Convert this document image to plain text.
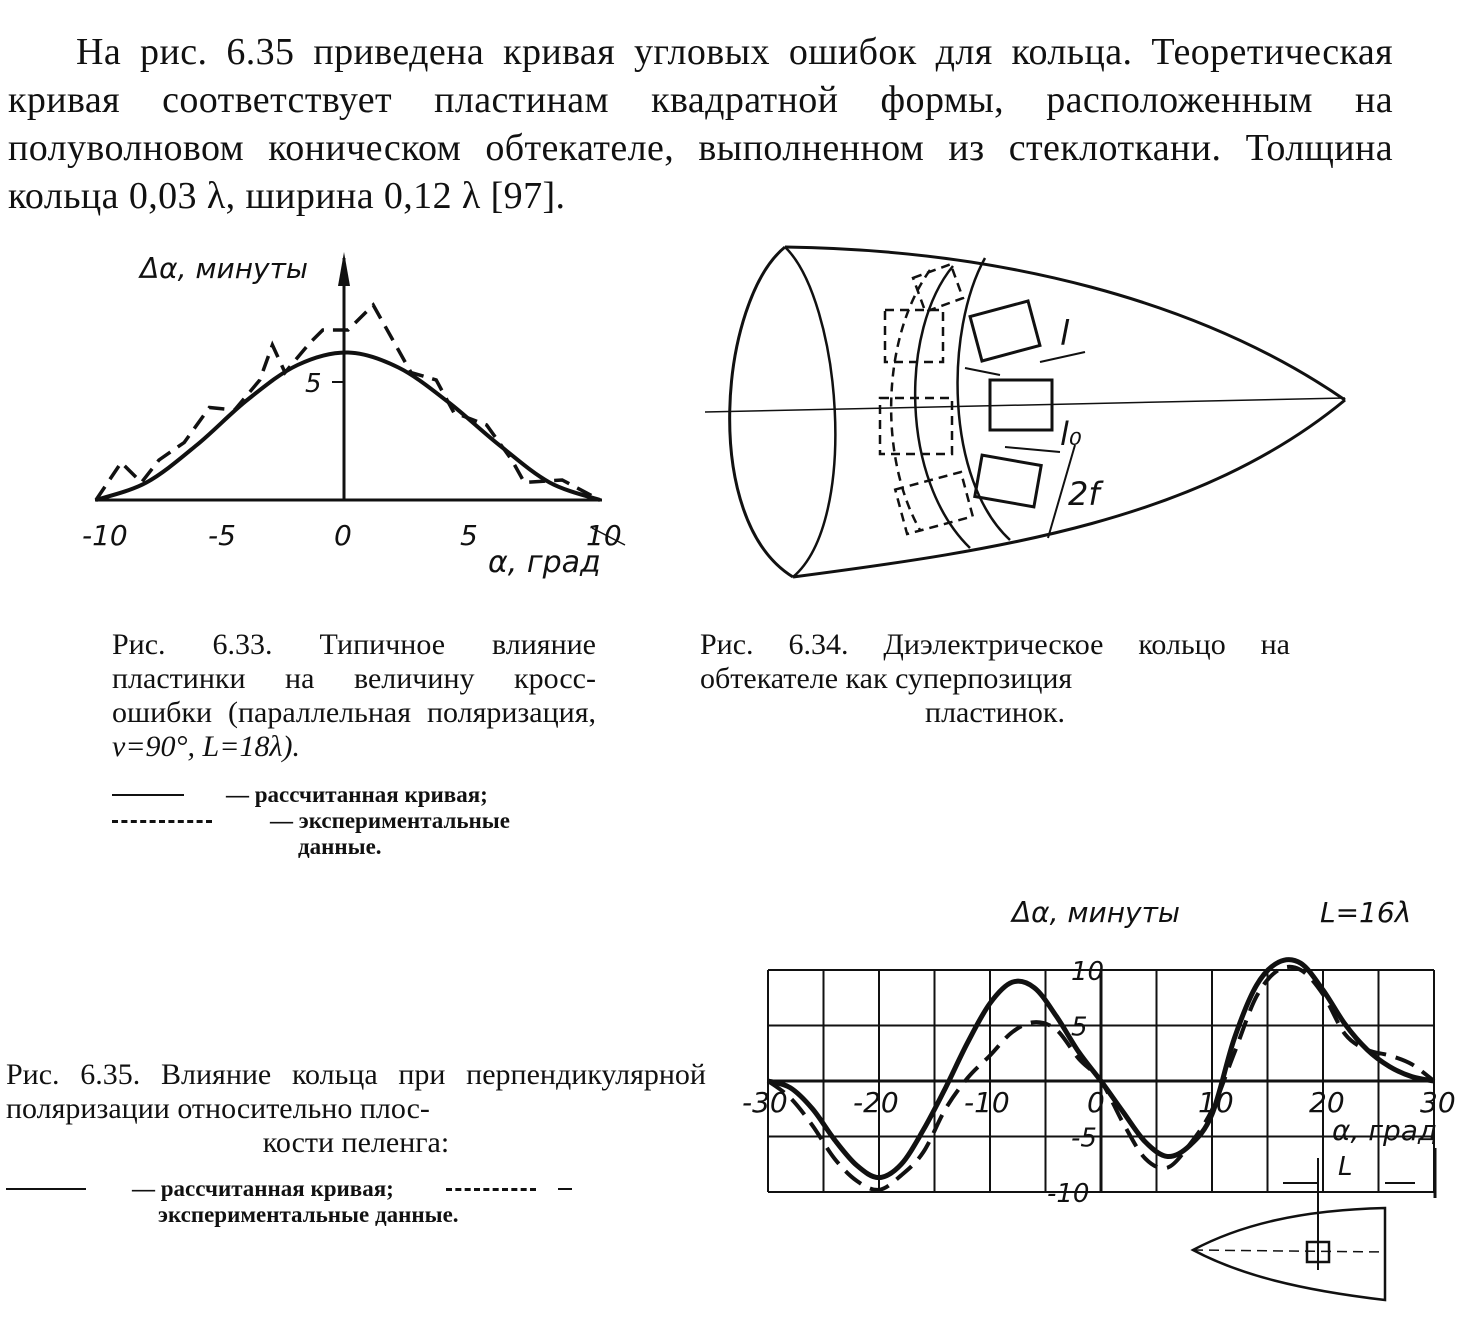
На рис. 6.35 приведена кривая угловых ошибок для кольца. Теоретическая кривая соответствует пластинам квадратной формы, расположенным на полуволновом коническом обтекателе, выполненном из стеклоткани. Толщина кольца 0,03 λ, ширина 0,12 λ [97].
Рис. 6.33. Типичное влияние пластинки на величину кросс-ошибки (параллельная поляризация, ν=90°, L=18λ).
— рассчитанная кривая;
— экспериментальные
данные.
Рис. 6.34. Диэлектрическое кольцо на обтекателе как суперпозиция
пластинок.
Рис. 6.35. Влияние кольца при перпендикулярной поляризации относительно плос-
кости пеленга:
— рассчитанная кривая;
экспериментальные данные.
Δα, минуты
5
-10	-5	0	5	10
α, град
l
l₀
2f
Δα, минуты	L=16λ
10
5
-5
-10
-30 -20 -10	0	10	20	30
α, град
L
